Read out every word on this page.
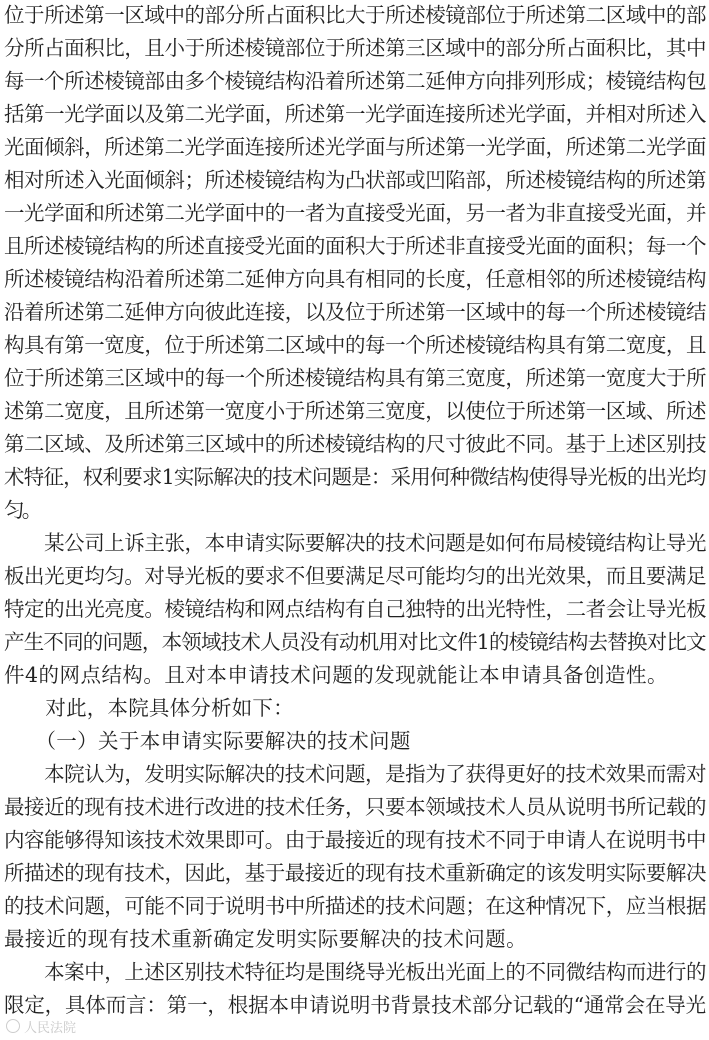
位于所述第一区域中的部分所占面积比大于所述棱镜部位于所述第二区域中的部
分所占面积比，且小于所述棱镜部位于所述第三区域中的部分所占面积比，其中
每一个所述棱镜部由多个棱镜结构沿着所述第二延伸方向排列形成；棱镜结构包
括第一光学面以及第二光学面，所述第一光学面连接所述光学面，并相对所述入
光面倾斜，所述第二光学面连接所述光学面与所述第一光学面，所述第二光学面
相对所述入光面倾斜；所述棱镜结构为凸状部或凹陷部，所述棱镜结构的所述第
一光学面和所述第二光学面中的一者为直接受光面，另一者为非直接受光面，并
且所述棱镜结构的所述直接受光面的面积大于所述非直接受光面的面积；每一个
所述棱镜结构沿着所述第二延伸方向具有相同的长度，任意相邻的所述棱镜结构
沿着所述第二延伸方向彼此连接，以及位于所述第一区域中的每一个所述棱镜结
构具有第一宽度，位于所述第二区域中的每一个所述棱镜结构具有第二宽度，且
位于所述第三区域中的每一个所述棱镜结构具有第三宽度，所述第一宽度大于所
述第二宽度，且所述第一宽度小于所述第三宽度，以使位于所述第一区域、所述
第二区域、及所述第三区域中的所述棱镜结构的尺寸彼此不同。基于上述区别技
术特征，权利要求1实际解决的技术问题是：采用何种微结构使得导光板的出光均
匀。
　　某公司上诉主张，本申请实际要解决的技术问题是如何布局棱镜结构让导光
板出光更均匀。对导光板的要求不但要满足尽可能均匀的出光效果，而且要满足
特定的出光亮度。棱镜结构和网点结构有自己独特的出光特性，二者会让导光板
产生不同的问题，本领域技术人员没有动机用对比文件1的棱镜结构去替换对比文
件4的网点结构。且对本申请技术问题的发现就能让本申请具备创造性。
　　对此，本院具体分析如下：
　　（一）关于本申请实际要解决的技术问题
　　本院认为，发明实际解决的技术问题，是指为了获得更好的技术效果而需对
最接近的现有技术进行改进的技术任务，只要本领域技术人员从说明书所记载的
内容能够得知该技术效果即可。由于最接近的现有技术不同于申请人在说明书中
所描述的现有技术，因此，基于最接近的现有技术重新确定的该发明实际要解决
的技术问题，可能不同于说明书中所描述的技术问题；在这种情况下，应当根据
最接近的现有技术重新确定发明实际要解决的技术问题。
　　本案中，上述区别技术特征均是围绕导光板出光面上的不同微结构而进行的
限定，具体而言：第一，根据本申请说明书背景技术部分记载的“通常会在导光
人民法院
